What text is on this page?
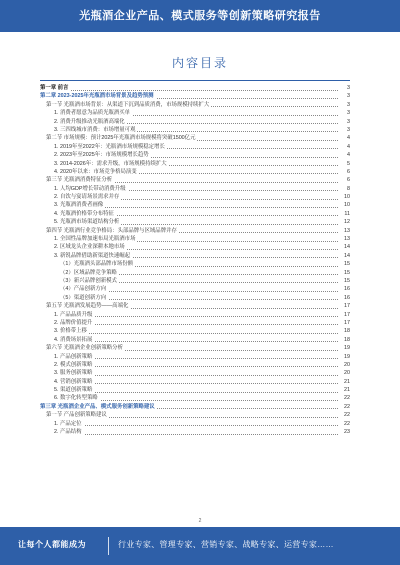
光瓶酒企业产品、模式服务等创新策略研究报告
内容目录
第一章 前言	3
第二章 2023-2025年光瓶酒市场背景及趋势预测	3
第一节 光瓶酒市场背景：从渠道下沉到品质消费，市场规模持续扩大	3
1. 消费者愿意为品质光瓶酒买单	3
2. 消费升级推动光瓶酒高端化	3
3. 三四线城市消费：市场增量可观	3
第二节 市场规模：预计2025年光瓶酒市场规模将突破1500亿元	4
1. 2019年至2022年：光瓶酒市场规模稳定增长	4
2. 2023年至2025年：市场规模增长趋势	4
3. 2014-2026年：需求升级，市场规模持续扩大	5
4. 2020年以来：市场竞争格局演变	6
第三节 光瓶酒消费特征分析	6
1. 人均GDP增长带动消费升级	8
2. 自饮与宴请场景需求并存	10
3. 光瓶酒消费者画像	10
4. 光瓶酒价格带分布特征	11
5. 光瓶酒市场渠道结构分析	12
第四节 光瓶酒行业竞争格局：头部品牌与区域品牌并存	13
1. 全国性品牌加速布局光瓶酒市场	13
2. 区域龙头企业深耕本地市场	14
3. 新锐品牌借助新渠道快速崛起	14
（1）光瓶酒头部品牌市场份额	15
（2）区域品牌竞争策略	15
（3）新兴品牌创新模式	15
（4）产品创新方向	16
（5）渠道创新方向	16
第五节 光瓶酒发展趋势——高端化	17
1. 产品品质升级	17
2. 品牌价值提升	17
3. 价格带上移	18
4. 消费场景拓展	18
第六节 光瓶酒企业创新策略分析	19
1. 产品创新策略	19
2. 模式创新策略	20
3. 服务创新策略	20
4. 营销创新策略	21
5. 渠道创新策略	21
6. 数字化转型策略	22
第三章 光瓶酒企业产品、模式服务创新策略建议	22
第一节 产品创新策略建议	22
1. 产品定位	22
2. 产品结构	23
2
让每个人都能成为	行业专家、管理专家、营销专家、战略专家、运营专家……
